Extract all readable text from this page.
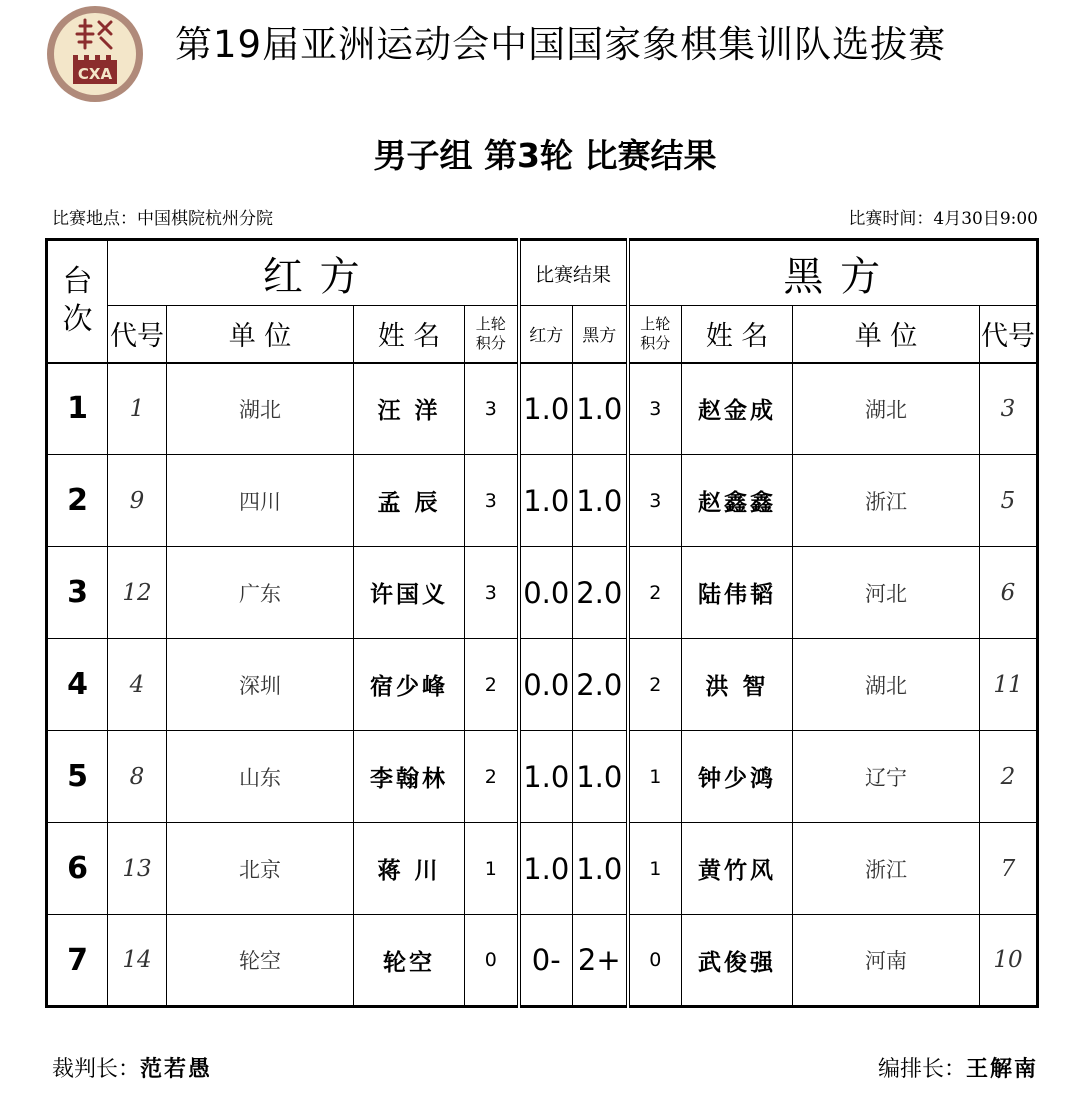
CXA
第19届亚洲运动会中国国家象棋集训队选拔赛
男子组 第3轮 比赛结果
比赛地点：中国棋院杭州分院	比赛时间：4月30日9:00
台次	红 方				比赛结果		黑 方			
	代号	单 位	姓 名	上轮积分	红方	黑方	上轮积分	姓 名	单 位	代号
1	1	湖北	汪 洋	3	1.0	1.0	3	赵金成	湖北	3
2	9	四川	孟 辰	3	1.0	1.0	3	赵鑫鑫	浙江	5
3	12	广东	许国义	3	0.0	2.0	2	陆伟韬	河北	6
4	4	深圳	宿少峰	2	0.0	2.0	2	洪 智	湖北	11
5	8	山东	李翰林	2	1.0	1.0	1	钟少鸿	辽宁	2
6	13	北京	蒋 川	1	1.0	1.0	1	黄竹风	浙江	7
7	14	轮空	轮空	0	0-	2+	0	武俊强	河南	10
裁判长：范若愚	编排长：王解南
